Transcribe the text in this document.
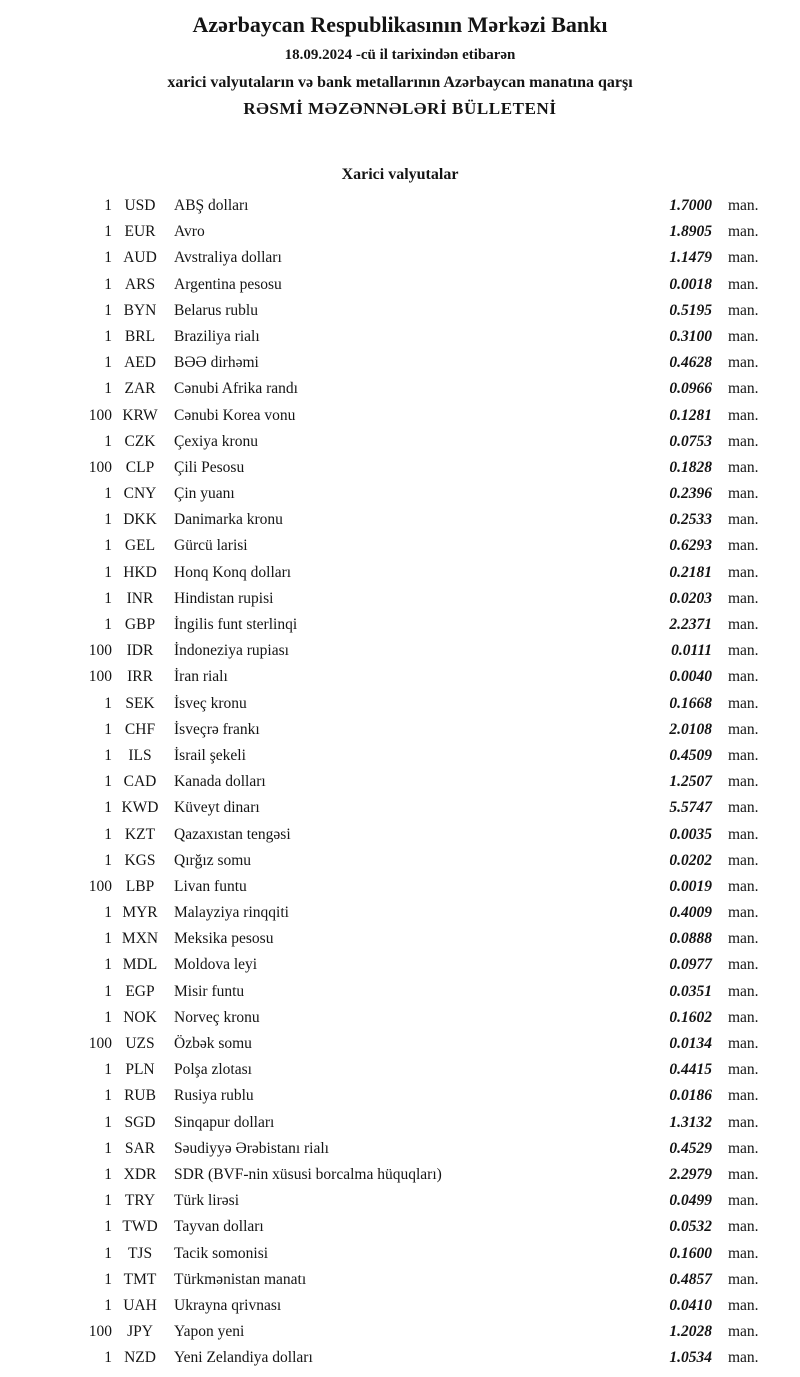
Azərbaycan Respublikasının Mərkəzi Bankı
18.09.2024 -cü il tarixindən etibarən
xarici valyutaların və bank metallarının Azərbaycan manatına qarşı
RƏSMİ MƏZƏNNƏLƏRİ BÜLLETENİ
Xarici valyutalar
1 USD	ABŞ dolları	1.7000	man.
1 EUR	Avro	1.8905	man.
1 AUD	Avstraliya dolları	1.1479	man.
1 ARS	Argentina pesosu	0.0018	man.
1 BYN	Belarus rublu	0.5195	man.
1 BRL	Braziliya rialı	0.3100	man.
1 AED	BƏƏ dirhəmi	0.4628	man.
1 ZAR	Cənubi Afrika randı	0.0966	man.
100 KRW	Cənubi Korea vonu	0.1281	man.
1 CZK	Çexiya kronu	0.0753	man.
100 CLP	Çili Pesosu	0.1828	man.
1 CNY	Çin yuanı	0.2396	man.
1 DKK	Danimarka kronu	0.2533	man.
1 GEL	Gürcü larisi	0.6293	man.
1 HKD	Honq Konq dolları	0.2181	man.
1 INR	Hindistan rupisi	0.0203	man.
1 GBP	İngilis funt sterlinqi	2.2371	man.
100 IDR	İndoneziya rupiası	0.0111	man.
100 IRR	İran rialı	0.0040	man.
1 SEK	İsveç kronu	0.1668	man.
1 CHF	İsveçrə frankı	2.0108	man.
1	ILS	İsrail şekeli	0.4509	man.
1 CAD	Kanada dolları	1.2507	man.
1 KWD Küveyt dinarı	5.5747	man.
1 KZT	Qazaxıstan tengəsi	0.0035	man.
1 KGS	Qırğız somu	0.0202	man.
100 LBP	Livan funtu	0.0019	man.
1 MYR	Malayziya rinqqiti	0.4009	man.
1 MXN	Meksika pesosu	0.0888	man.
1 MDL	Moldova leyi	0.0977	man.
1 EGP	Misir funtu	0.0351	man.
1 NOK	Norveç kronu	0.1602	man.
100 UZS	Özbək somu	0.0134	man.
1 PLN	Polşa zlotası	0.4415	man.
1 RUB	Rusiya rublu	0.0186	man.
1 SGD	Sinqapur dolları	1.3132	man.
1 SAR	Səudiyyə Ərəbistanı rialı	0.4529	man.
1 XDR	SDR (BVF-nin xüsusi borcalma hüquqları)	2.2979	man.
1 TRY	Türk lirəsi	0.0499	man.
1 TWD	Tayvan dolları	0.0532	man.
1	TJS	Tacik somonisi	0.1600	man.
1 TMT	Türkmənistan manatı	0.4857	man.
1 UAH	Ukrayna qrivnası	0.0410	man.
100 JPY	Yapon yeni	1.2028	man.
1 NZD	Yeni Zelandiya dolları	1.0534	man.
